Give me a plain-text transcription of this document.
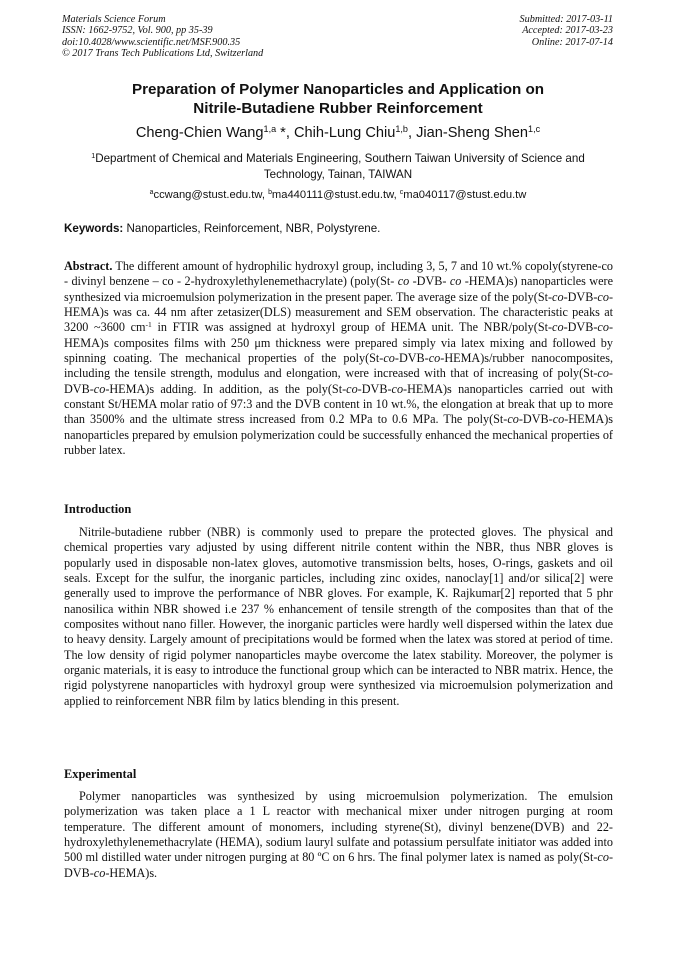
Materials Science Forum
ISSN: 1662-9752, Vol. 900, pp 35-39
doi:10.4028/www.scientific.net/MSF.900.35
© 2017 Trans Tech Publications Ltd, Switzerland
Submitted: 2017-03-11
Accepted: 2017-03-23
Online: 2017-07-14
Preparation of Polymer Nanoparticles and Application on
Nitrile-Butadiene Rubber Reinforcement
Cheng-Chien Wang$^{1,a}$ *, Chih-Lung Chiu$^{1,b}$, Jian-Sheng Shen$^{1,c}$
$^1$Department of Chemical and Materials Engineering, Southern Taiwan University of Science and
Technology, Tainan, TAIWAN
$^a$ccwang@stust.edu.tw, $^b$ma440111@stust.edu.tw, $^c$ma040117@stust.edu.tw
Keywords: Nanoparticles, Reinforcement, NBR, Polystyrene.

Abstract. The different amount of hydrophilic hydroxyl group, including 3, 5, 7 and 10 wt.% copoly(styrene-co - divinyl benzene – co - 2-hydroxylethylenemethacrylate) (poly(St- co -DVB- co -HEMA)s) nanoparticles were synthesized via microemulsion polymerization in the present paper. The average size of the poly(St-co-DVB-co-HEMA)s was ca. 44 nm after zetasizer(DLS) measurement and SEM observation. The characteristic peaks at 3200 ~3600 $cm^{-1}$ in FTIR was assigned at hydroxyl group of HEMA unit. The NBR/poly(St-co-DVB-co-HEMA)s composites films with 250 μm thickness were prepared simply via latex mixing and followed by spinning coating. The mechanical properties of the poly(St-co-DVB-co-HEMA)s/rubber nanocomposites, including the tensile strength, modulus and elongation, were increased with that of increasing of poly(St-co-DVB-co-HEMA)s adding. In addition, as the poly(St-co-DVB-co-HEMA)s nanoparticles carried out with constant St/HEMA molar ratio of 97:3 and the DVB content in 10 wt.%, the elongation at break that up to more than 3500% and the ultimate stress increased from 0.2 MPa to 0.6 MPa. The poly(St-co-DVB-co-HEMA)s nanoparticles prepared by emulsion polymerization could be successfully enhanced the mechanical properties of rubber latex.

Introduction

Nitrile-butadiene rubber (NBR) is commonly used to prepare the protected gloves. The physical and chemical properties vary adjusted by using different nitrile content within the NBR, thus NBR gloves is popularly used in disposable non-latex gloves, automotive transmission belts, hoses, O-rings, gaskets and oil seals. Except for the sulfur, the inorganic particles, including zinc oxides, nanoclay[1] and/or silica[2] were generally used to improve the performance of NBR gloves. For example, K. Rajkumar[2] reported that 5 phr nanosilica within NBR showed i.e 237 % enhancement of tensile strength of the composites than that of the composites without nano filler. However, the inorganic particles were hardly well dispersed within the latex due to heavy density. Largely amount of precipitations would be formed when the latex was stored at period of time. The low density of rigid polymer nanoparticles maybe overcome the latex stability. Moreover, the polymer is organic materials, it is easy to introduce the functional group which can be interacted to NBR matrix. Hence, the rigid polystyrene nanoparticles with hydroxyl group were synthesized via microemulsion polymerization and applied to reinforcement NBR film by latics blending in this present.

Experimental

Polymer nanoparticles was synthesized by using microemulsion polymerization. The emulsion polymerization was taken place a 1 L reactor with mechanical mixer under nitrogen purging at room temperature. The different amount of monomers, including styrene(St), divinyl benzene(DVB) and 22-hydroxylethylenemethacrylate (HEMA), sodium lauryl sulfate and potassium persulfate initiator was added into 500 ml distilled water under nitrogen purging at 80 ºC on 6 hrs. The final polymer latex is named as poly(St-co-DVB-co-HEMA)s.
